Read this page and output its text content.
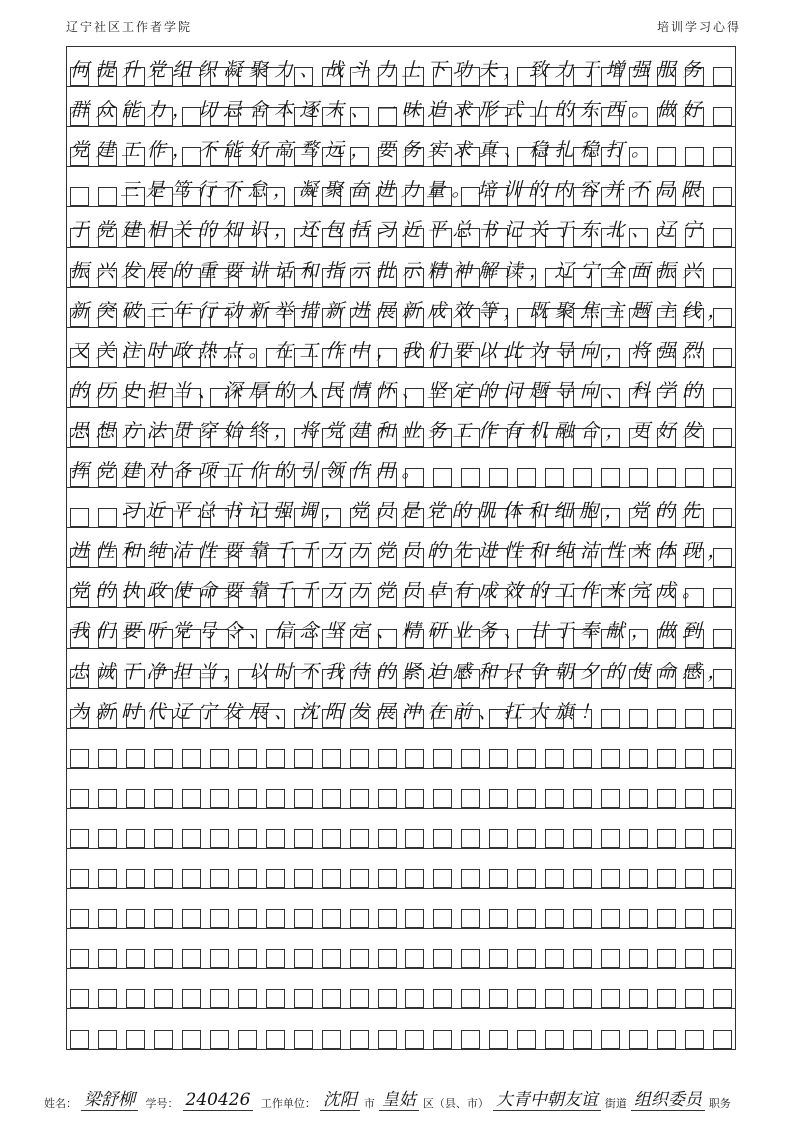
辽宁社区工作者学院	培训学习心得
何提升党组织凝聚力、战斗力上下功夫，致力于增强服务
群众能力，切忌舍本逐末、一味追求形式上的东西。做好
党建工作，不能好高骛远，要务实求真、稳扎稳打。
三是笃行不怠，凝聚奋进力量。培训的内容并不局限
于党建相关的知识，还包括习近平总书记关于东北、辽宁
振兴发展的重要讲话和指示批示精神解读，辽宁全面振兴
新突破三年行动新举措新进展新成效等，既聚焦主题主线，
又关注时政热点。在工作中，我们要以此为导向，将强烈
的历史担当、深厚的人民情怀、坚定的问题导向、科学的
思想方法贯穿始终，将党建和业务工作有机融合，更好发
挥党建对各项工作的引领作用。
习近平总书记强调，党员是党的肌体和细胞，党的先
进性和纯洁性要靠千千万万党员的先进性和纯洁性来体现，
党的执政使命要靠千千万万党员卓有成效的工作来完成。
我们要听党号令、信念坚定、精研业务、甘于奉献，做到
忠诚干净担当，以时不我待的紧迫感和只争朝夕的使命感，
为新时代辽宁发展、沈阳发展冲在前、扛大旗！
姓名： 梁舒柳 学号： 240426 工作单位： 沈阳 市 皇姑 区（县、市） 大青中朝友谊 街道 组织委员 职务
